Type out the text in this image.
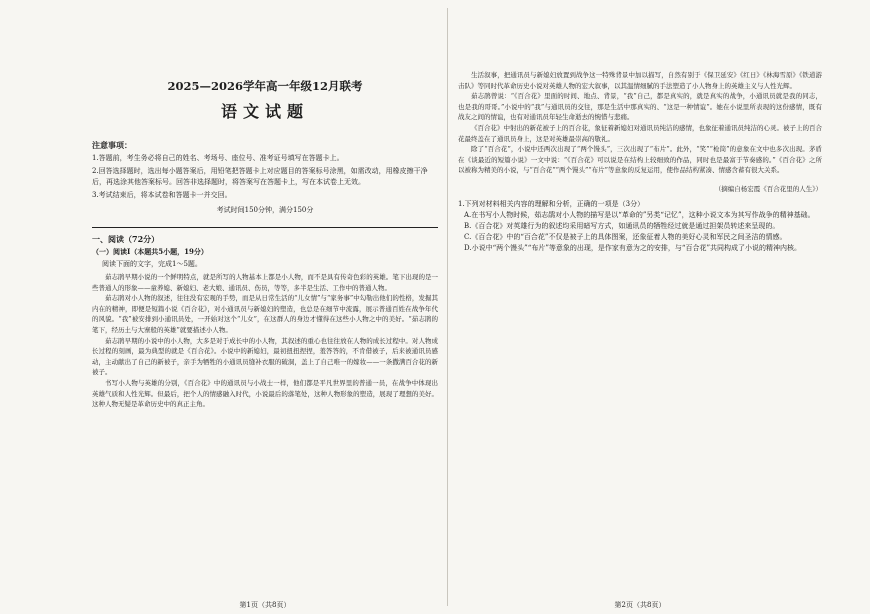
2025—2026学年高一年级12月联考
语文试题
注意事项：

1.答题前，考生务必将自己的姓名、考场号、座位号、准考证号填写在答题卡上。

2.回答选择题时，选出每小题答案后，用铅笔把答题卡上对应题目的答案标号涂黑，如需改动，用橡皮擦干净后，再选涂其他答案标号。回答非选择题时，将答案写在答题卡上，写在本试卷上无效。

3.考试结束后，将本试卷和答题卡一并交回。

考试时间150分钟，满分150分
一、阅读（72分）
（一）阅读Ⅰ（本题共5小题，19分）
阅读下面的文字，完成1～5题。

茹志鹃早期小说的一个鲜明特点，就是所写的人物基本上都是小人物，而不是具有传奇色彩的英雄。笔下出现的是一些普通人的形象——童养媳、新媳妇、老大娘、通讯员、伤员，等等，多半是生活、工作中的普通人物。

茹志鹃对小人物的叙述，往往没有宏观的手势，而是从日常生活的“儿女情”与“家务事”中勾勒出他们的性格，发掘其内在的精神，即便是短篇小说《百合花》，对小通讯员与新媳妇的塑造，也总是在细节中流露，展示普通百姓在战争年代的风貌。“我”被安排到小通讯员处，一开始对这个“儿女”，在这群人的身边才懂得在这些小人物之中的美好。“茹志鹃的笔下，经历土与大寨般的英雄”就要描述小人物。

茹志鹃早期的小说中的小人物，大多是对于成长中的小人物，其叙述的重心也往往放在人物的成长过程中。对人物成长过程的刻画，最为典型的就是《百合花》。小说中的新媳妇，最初扭扭捏捏，羞答答的，不肯借被子，后来被通讯员感动，主动献出了自己的新被子，亲手为牺牲的小通讯员缝补衣服的破洞，盖上了自己唯一的嫁妆——一条撒满百合花的新被子。

书写小人物与英雄的分别，《百合花》中的通讯员与小战士一样，他们都是平凡世界里的普通一员，在战争中体现出英雄气质和人性光辉。但最后，把个人的情感融入时代，小说最后的落笔处，这种人物形象的塑造，展现了理想的美好。这种人物无疑是革命历史中的真正主角。

生活叙事，把通讯员与新媳妇放置到战争这一特殊背景中加以描写，自然有别于《保卫延安》《红日》《林海雪原》《铁道游击队》等同时代革命历史小说对英雄人物的宏大叙事，以其温情细腻的手法塑造了小人物身上的英雄主义与人性光辉。

茹志鹃曾说：“《百合花》里面的时间、地点、背景，“我”自己，都是真实的，就是真实的战争，小通讯员就是我的同志，也是我的哥哥。”小说中的“我”与通讯员的交往，那是生活中那真实的、“这是一种情谊”。她在小说里所表现的这份感情，既有战友之间的情谊，也有对通讯员年轻生命逝去的惋惜与悲痛。

《百合花》中射出的新花被子上的百合花，象征着新媳妇对通讯员纯洁的感情，也象征着通讯员纯洁的心灵。被子上的百合花最终盖在了通讯员身上，这是对英雄最崇高的敬礼。

除了“百合花”，小说中还两次出现了“两个馒头”，三次出现了“布片”。此外，“笑”“枪筒”的意象在文中也多次出现。茅盾在《谈最近的短篇小说》一文中说：“《百合花》可以说是在结构上较细致的作品，同时也是最富于节奏感的。”《百合花》之所以被称为精美的小说，与“百合花”“两个馒头”“布片”等意象的反复运用，使作品结构紧凑、情感含蓄有很大关系。

（摘编自杨宏霞《百合花里的人生》）

1.下列对材料相关内容的理解和分析，正确的一项是（3分）

A.在书写小人物时候，茹志鹃对小人物的描写是以“革命的”另类“记忆”，这种小说文本为其写作战争的精神基础。

B.《百合花》对英雄行为的叙述均采用暗写方式，如通讯员的牺牲经过就是通过担架员转述来呈现的。

C.《百合花》中的“百合花”不仅是被子上的具体图案，还象征着人物的美好心灵和军民之间圣洁的情感。

D.小说中“两个馒头”“布片”等意象的出现，是作家有意为之的安排，与“百合花”共同构成了小说的精神内核。

第1页（共8页）	第2页（共8页）
